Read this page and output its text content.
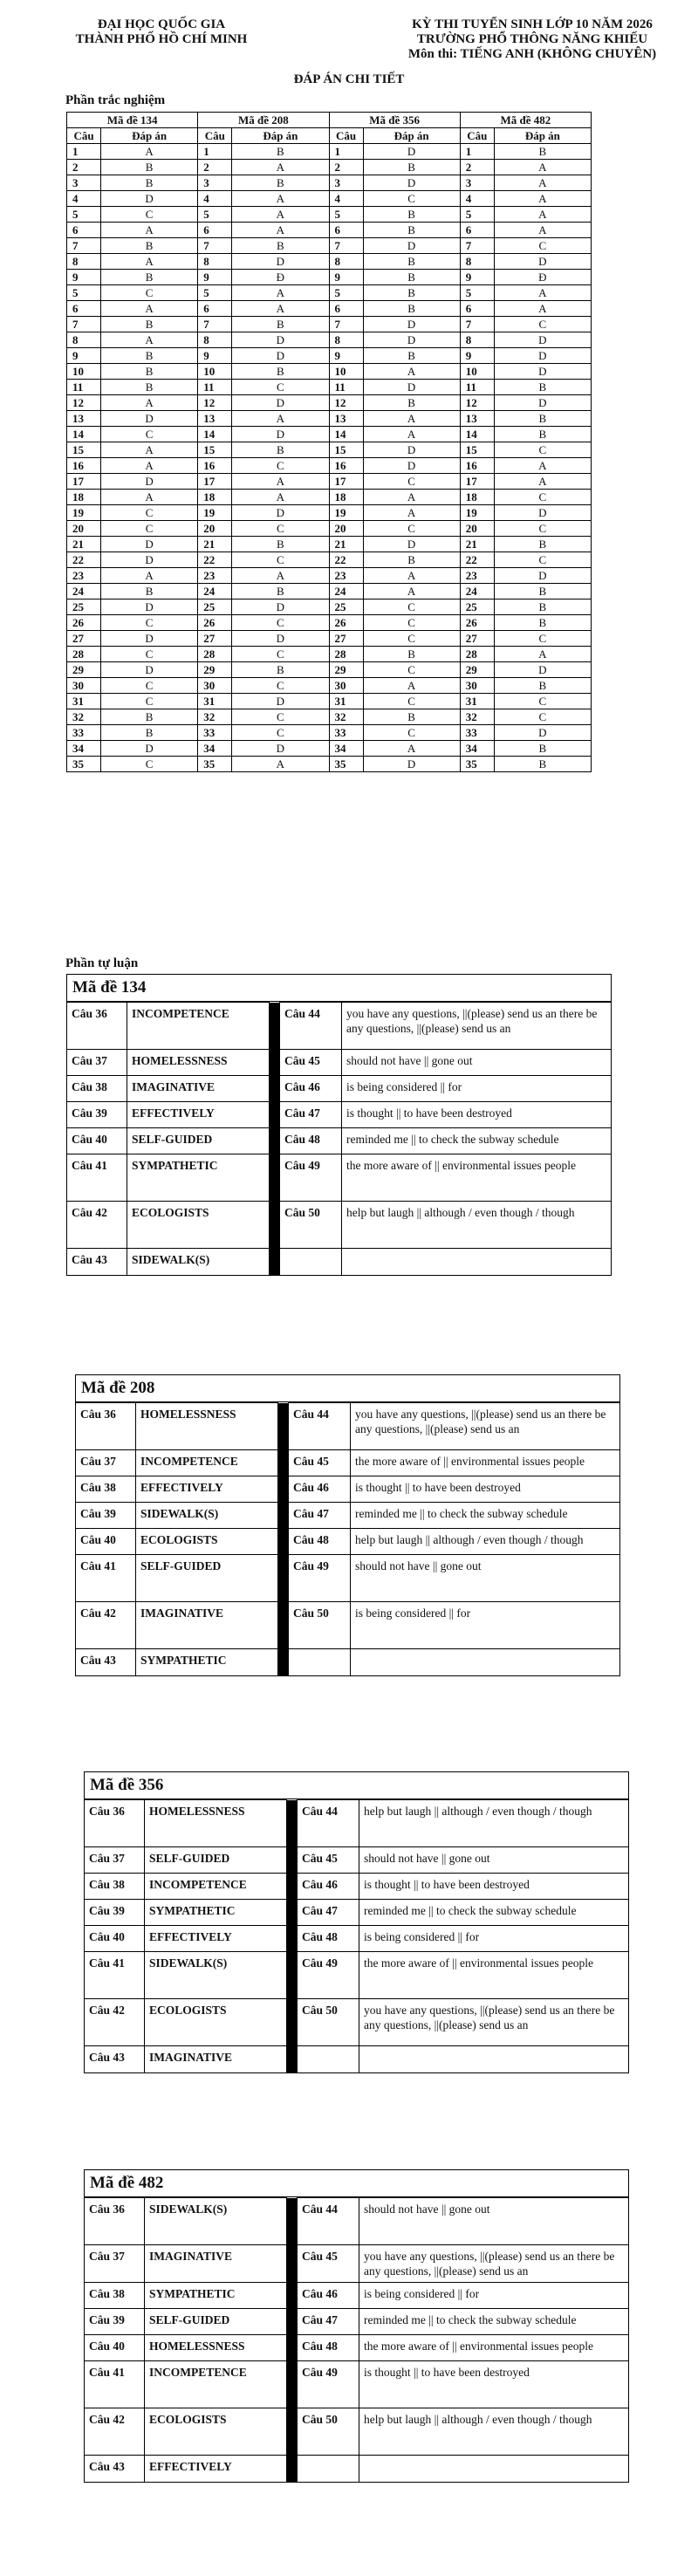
ĐẠI HỌC QUỐC GIA
THÀNH PHỐ HỒ CHÍ MINH
KỲ THI TUYỂN SINH LỚP 10 NĂM 2026
TRƯỜNG PHỔ THÔNG NĂNG KHIẾU
Môn thi: TIẾNG ANH (KHÔNG CHUYÊN)
ĐÁP ÁN CHI TIẾT
Phần trắc nghiệm
Mã đề 134		Mã đề 208		Mã đề 356		Mã đề 482	
Câu	Đáp án	Câu	Đáp án	Câu	Đáp án	Câu	Đáp án
1	A	1	B	1	D	1	B
2	B	2	A	2	B	2	A
3	B	3	B	3	D	3	A
4	D	4	A	4	C	4	A
5	C	5	A	5	B	5	A
6	A	6	A	6	B	6	A
7	B	7	B	7	D	7	C
8	A	8	D	8	B	8	D
9	B	9	Đ	9	B	9	Đ
5	C	5	A	5	B	5	A
6	A	6	A	6	B	6	A
7	B	7	B	7	D	7	C
8	A	8	D	8	D	8	D
9	B	9	D	9	B	9	D
10	B	10	B	10	A	10	D
11	B	11	C	11	D	11	B
12	A	12	D	12	B	12	D
13	D	13	A	13	A	13	B
14	C	14	D	14	A	14	B
15	A	15	B	15	D	15	C
16	A	16	C	16	D	16	A
17	D	17	A	17	C	17	A
18	A	18	A	18	A	18	C
19	C	19	D	19	A	19	D
20	C	20	C	20	C	20	C
21	D	21	B	21	D	21	B
22	D	22	C	22	B	22	C
23	A	23	A	23	A	23	D
24	B	24	B	24	A	24	B
25	D	25	D	25	C	25	B
26	C	26	C	26	C	26	B
27	D	27	D	27	C	27	C
28	C	28	C	28	B	28	A
29	D	29	B	29	C	29	D
30	C	30	C	30	A	30	B
31	C	31	D	31	C	31	C
32	B	32	C	32	B	32	C
33	B	33	C	33	C	33	D
34	D	34	D	34	A	34	B
35	C	35	A	35	D	35	B
Phần tự luận
Mã đề 134
Câu 36	INCOMPETENCE		Câu 44	you have any questions, ||(please) send us an there be any questions, ||(please) send us an
Câu 37	HOMELESSNESS		Câu 45	should not have || gone out
Câu 38	IMAGINATIVE		Câu 46	is being considered || for
Câu 39	EFFECTIVELY		Câu 47	is thought || to have been destroyed
Câu 40	SELF-GUIDED		Câu 48	reminded me || to check the subway schedule
Câu 41	SYMPATHETIC		Câu 49	the more aware of || environmental issues people
Câu 42	ECOLOGISTS		Câu 50	help but laugh || although / even though / though
Câu 43	SIDEWALK(S)			
Mã đề 208
Câu 36	HOMELESSNESS		Câu 44	you have any questions, ||(please) send us an there be any questions, ||(please) send us an
Câu 37	INCOMPETENCE		Câu 45	the more aware of || environmental issues people
Câu 38	EFFECTIVELY		Câu 46	is thought || to have been destroyed
Câu 39	SIDEWALK(S)		Câu 47	reminded me || to check the subway schedule
Câu 40	ECOLOGISTS		Câu 48	help but laugh || although / even though / though
Câu 41	SELF-GUIDED		Câu 49	should not have || gone out
Câu 42	IMAGINATIVE		Câu 50	is being considered || for
Câu 43	SYMPATHETIC			
Mã đề 356
Câu 36	HOMELESSNESS		Câu 44	help but laugh || although / even though / though
Câu 37	SELF-GUIDED		Câu 45	should not have || gone out
Câu 38	INCOMPETENCE		Câu 46	is thought || to have been destroyed
Câu 39	SYMPATHETIC		Câu 47	reminded me || to check the subway schedule
Câu 40	EFFECTIVELY		Câu 48	is being considered || for
Câu 41	SIDEWALK(S)		Câu 49	the more aware of || environmental issues people
Câu 42	ECOLOGISTS		Câu 50	you have any questions, ||(please) send us an there be any questions, ||(please) send us an
Câu 43	IMAGINATIVE			
Mã đề 482
Câu 36	SIDEWALK(S)		Câu 44	should not have || gone out
Câu 37	IMAGINATIVE		Câu 45	you have any questions, ||(please) send us an there be any questions, ||(please) send us an
Câu 38	SYMPATHETIC		Câu 46	is being considered || for
Câu 39	SELF-GUIDED		Câu 47	reminded me || to check the subway schedule
Câu 40	HOMELESSNESS		Câu 48	the more aware of || environmental issues people
Câu 41	INCOMPETENCE		Câu 49	is thought || to have been destroyed
Câu 42	ECOLOGISTS		Câu 50	help but laugh || although / even though / though
Câu 43	EFFECTIVELY			
